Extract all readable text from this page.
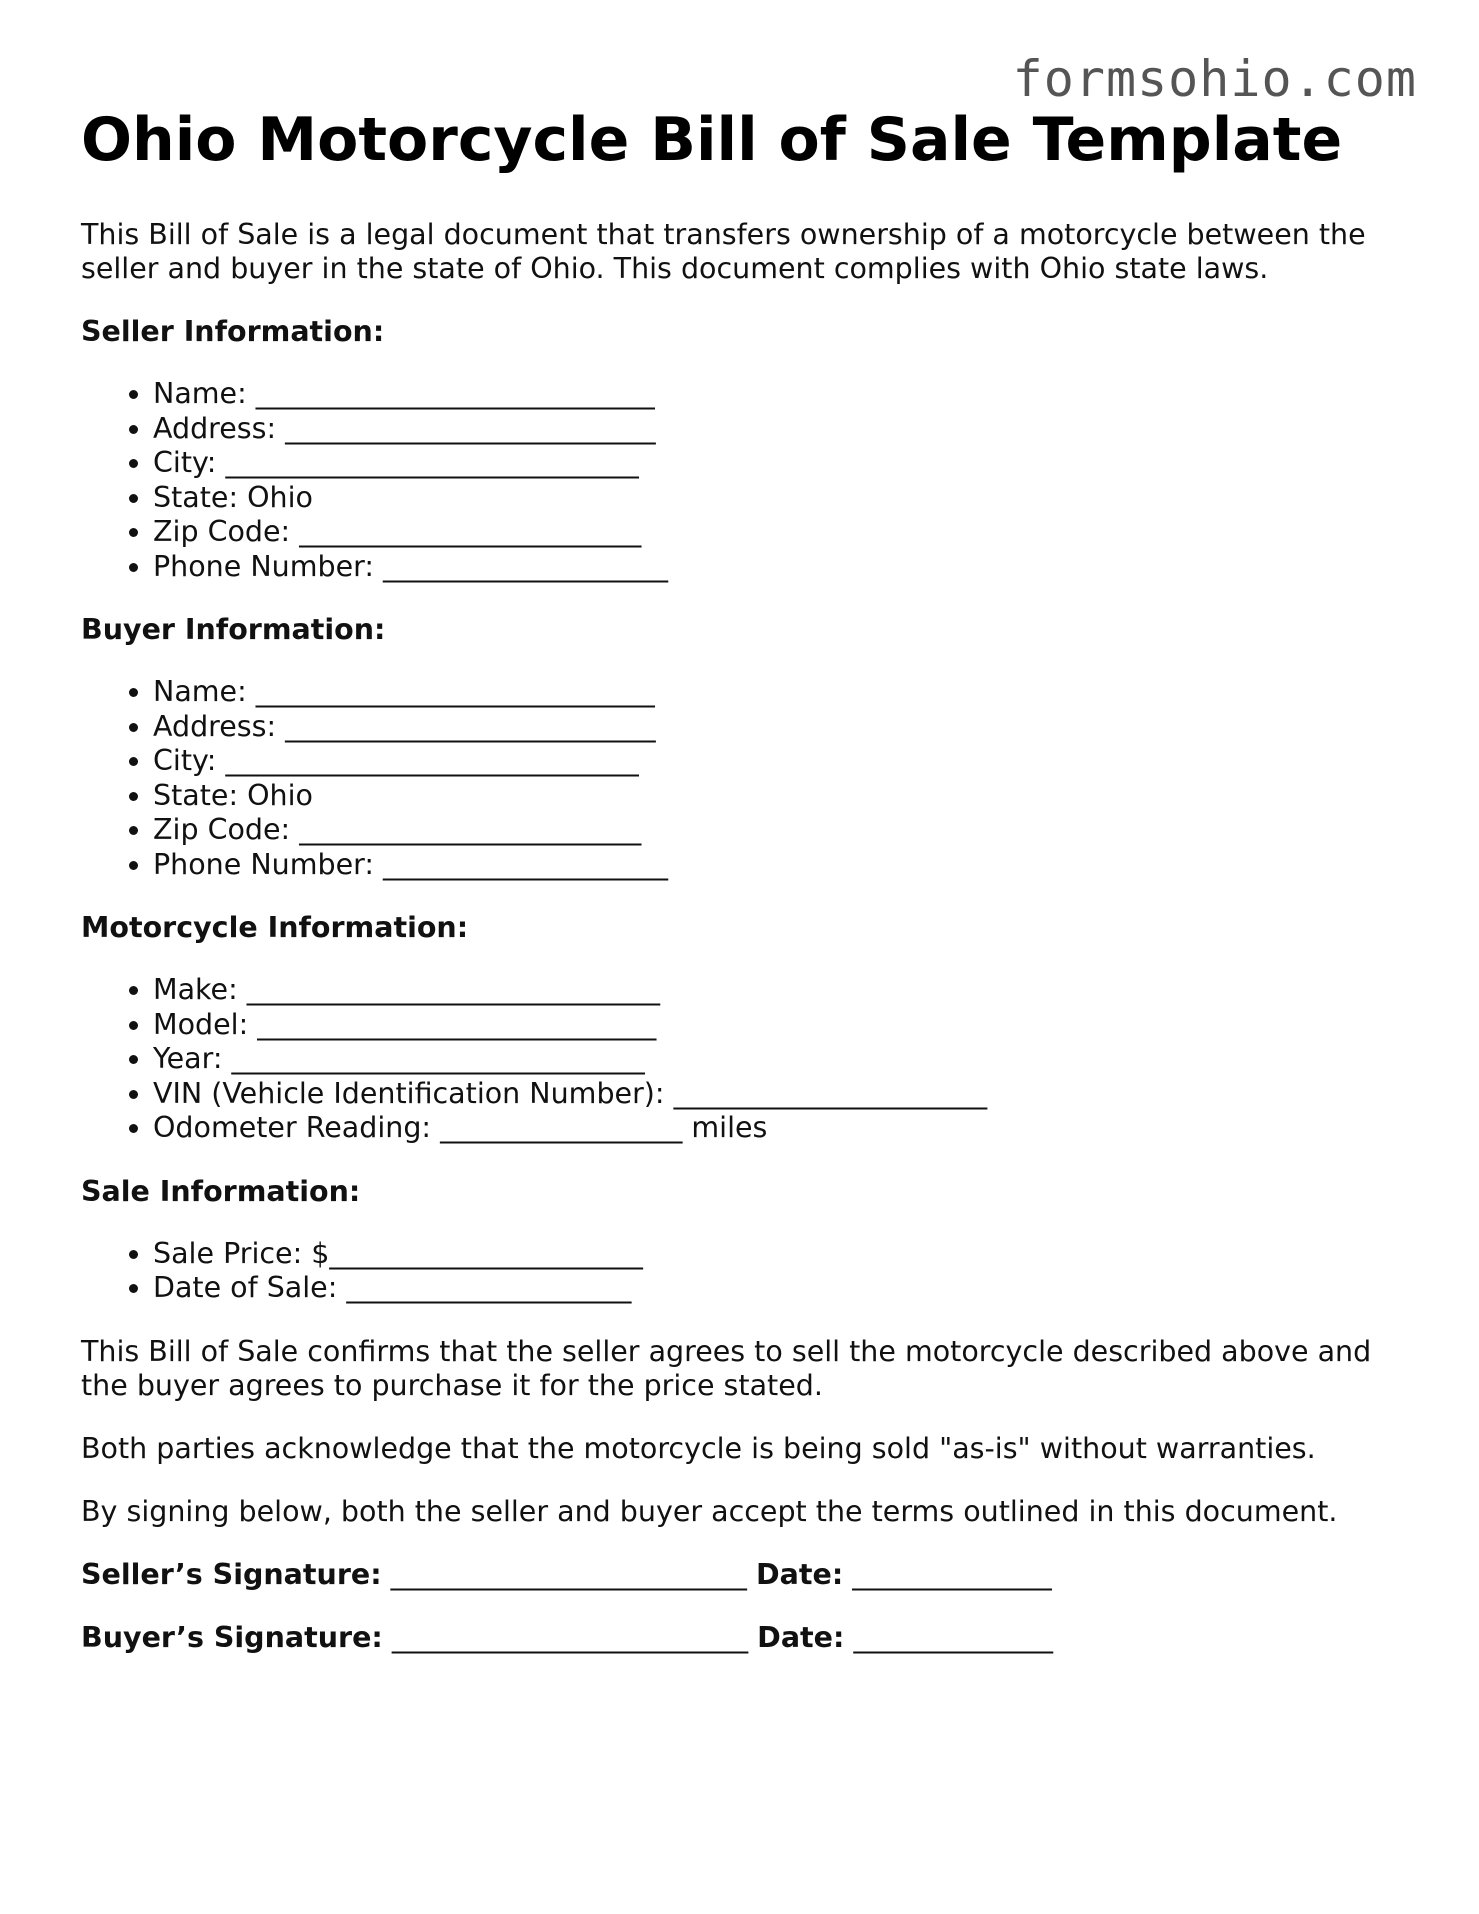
formsohio.com
Ohio Motorcycle Bill of Sale Template

This Bill of Sale is a legal document that transfers ownership of a motorcycle between the seller and buyer in the state of Ohio. This document complies with Ohio state laws.

Seller Information:
• Name: ____________________________
• Address: __________________________
• City: _____________________________
• State: Ohio
• Zip Code: ________________________
• Phone Number: ____________________
Buyer Information:
• Name: ____________________________
• Address: __________________________
• City: _____________________________
• State: Ohio
• Zip Code: ________________________
• Phone Number: ____________________
Motorcycle Information:
• Make: _____________________________
• Model: ____________________________
• Year: _____________________________
• VIN (Vehicle Identification Number): ______________________
• Odometer Reading: _________________ miles
Sale Information:
• Sale Price: $______________________
• Date of Sale: ____________________

This Bill of Sale confirms that the seller agrees to sell the motorcycle described above and the buyer agrees to purchase it for the price stated.

Both parties acknowledge that the motorcycle is being sold "as-is" without warranties.

By signing below, both the seller and buyer accept the terms outlined in this document.

Seller’s Signature: _________________________ Date: ______________
Buyer’s Signature: _________________________ Date: ______________
